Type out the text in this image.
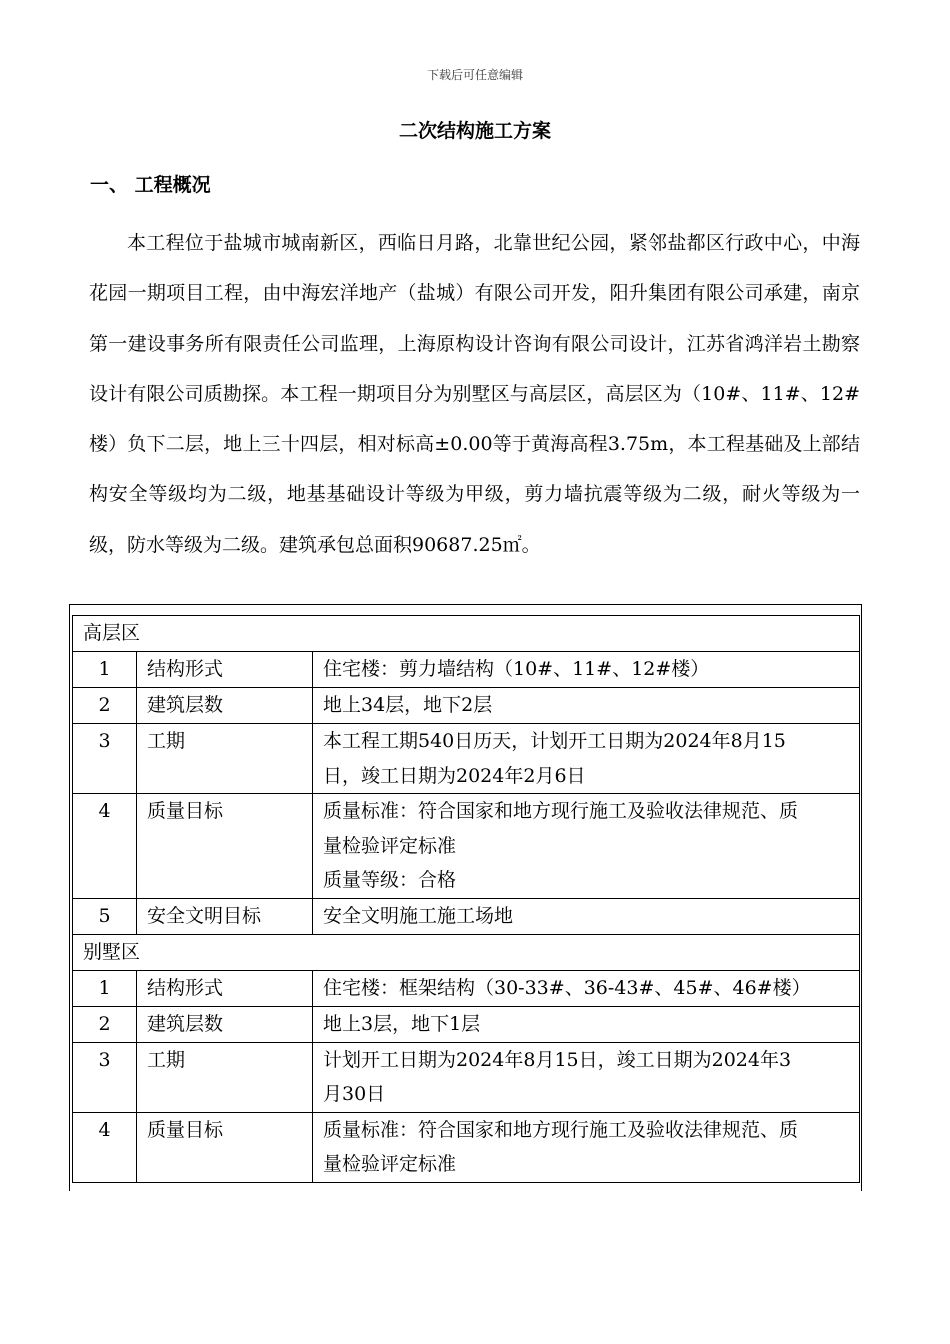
下载后可任意编辑
二次结构施工方案
一、 工程概况

本工程位于盐城市城南新区，西临日月路，北靠世纪公园，紧邻盐都区行政中心，中海花园一期项目工程，由中海宏洋地产（盐城）有限公司开发，阳升集团有限公司承建，南京第一建设事务所有限责任公司监理，上海原构设计咨询有限公司设计，江苏省鸿洋岩土勘察设计有限公司质勘探。本工程一期项目分为别墅区与高层区，高层区为（10#、11#、12#楼）负下二层，地上三十四层，相对标高±0.00等于黄海高程3.75m，本工程基础及上部结构安全等级均为二级，地基基础设计等级为甲级，剪力墙抗震等级为二级，耐火等级为一级，防水等级为二级。建筑承包总面积90687.25㎡。

高层区		
1	结构形式	住宅楼：剪力墙结构（10#、11#、12#楼）

2	建筑层数	地上34层，地下2层

3	工期	本工程工期540日历天，计划开工日期为2024年8月15
日，竣工日期为2024年2月6日

4	质量目标	质量标准：符合国家和地方现行施工及验收法律规范、质
量检验评定标准
质量等级：合格

5	安全文明目标	安全文明施工施工场地

别墅区		
1	结构形式	住宅楼：框架结构（30-33#、36-43#、45#、46#楼）

2	建筑层数	地上3层，地下1层

3	工期	计划开工日期为2024年8月15日，竣工日期为2024年3
月30日

4	质量目标	质量标准：符合国家和地方现行施工及验收法律规范、质
量检验评定标准
